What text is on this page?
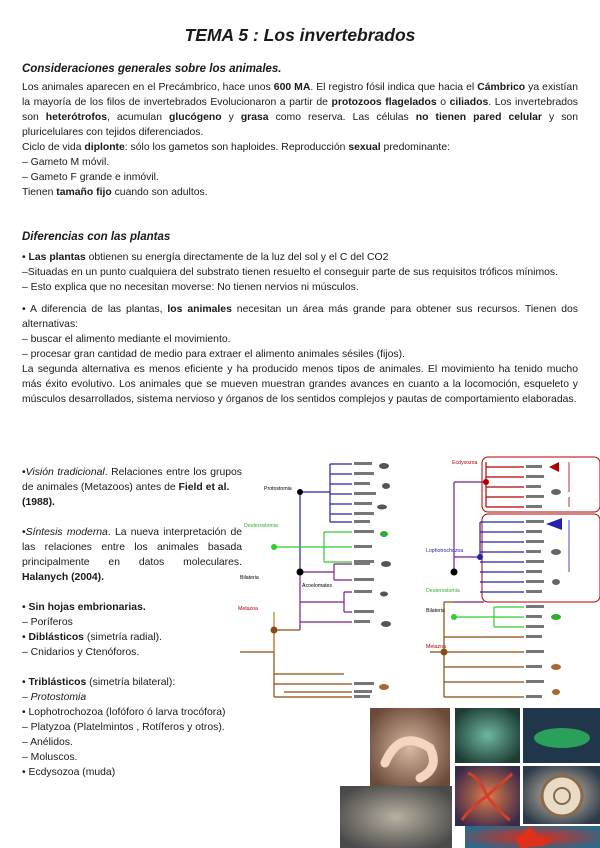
TEMA 5 : Los invertebrados
Consideraciones generales sobre los animales.

Los animales aparecen en el Precámbrico, hace unos 600 MA. El registro fósil indica que hacia el Cámbrico ya existían la mayoría de los filos de invertebrados Evolucionaron a partir de protozoos flagelados o ciliados. Los invertebrados son heterótrofos, acumulan glucógeno y grasa como reserva. Las células no tienen pared celular y son pluricelulares con tejidos diferenciados.

Ciclo de vida diplonte: sólo los gametos son haploides. Reproducción sexual predominante:

– Gameto M móvil.

– Gameto F grande e inmóvil.

Tienen tamaño fijo cuando son adultos.

Diferencias con las plantas

• Las plantas obtienen su energía directamente de la luz del sol y el C del CO2

–Situadas en un punto cualquiera del substrato tienen resuelto el conseguir parte de sus requisitos tróficos mínimos.

– Esto explica que no necesitan moverse: No tienen nervios ni músculos.

• A diferencia de las plantas, los animales necesitan un área más grande para obtener sus recursos. Tienen dos alternativas:

– buscar el alimento mediante el movimiento.

– procesar gran cantidad de medio para extraer el alimento animales sésiles (fijos).

La segunda alternativa es menos eficiente y ha producido menos tipos de animales. El movimiento ha tenido mucho más éxito evolutivo. Los animales que se mueven muestran grandes avances en cuanto a la locomoción, esqueleto y músculos desarrollados, sistema nervioso y órganos de los sentidos complejos y pautas de comportamiento elaboradas.

•Visión tradicional. Relaciones entre los grupos de animales (Metazoos) antes de Field et al.
(1988).

•Síntesis moderna. La nueva interpretación de las relaciones entre los animales basada principalmente en datos moleculares. Halanych (2004).

• Sin hojas embrionarias.

– Poríferos

• Diblásticos (simetría radial).

– Cnidarios y Ctenóforos.

• Triblásticos (simetría bilateral):

– Protostomia

• Lophotrochozoa (lofóforo ó larva trocófora)

– Platyzoa (Platelmintos , Rotíferos y otros).

– Anélidos.

– Moluscos.

• Ecdysozoa (muda)

Protostomia
Deuterostomia
Bilateria
Acoelomates
Metazoa
Ecdysozoa
Lophotrochozoa
Deuterostomia
Bilateria
Metazoa
